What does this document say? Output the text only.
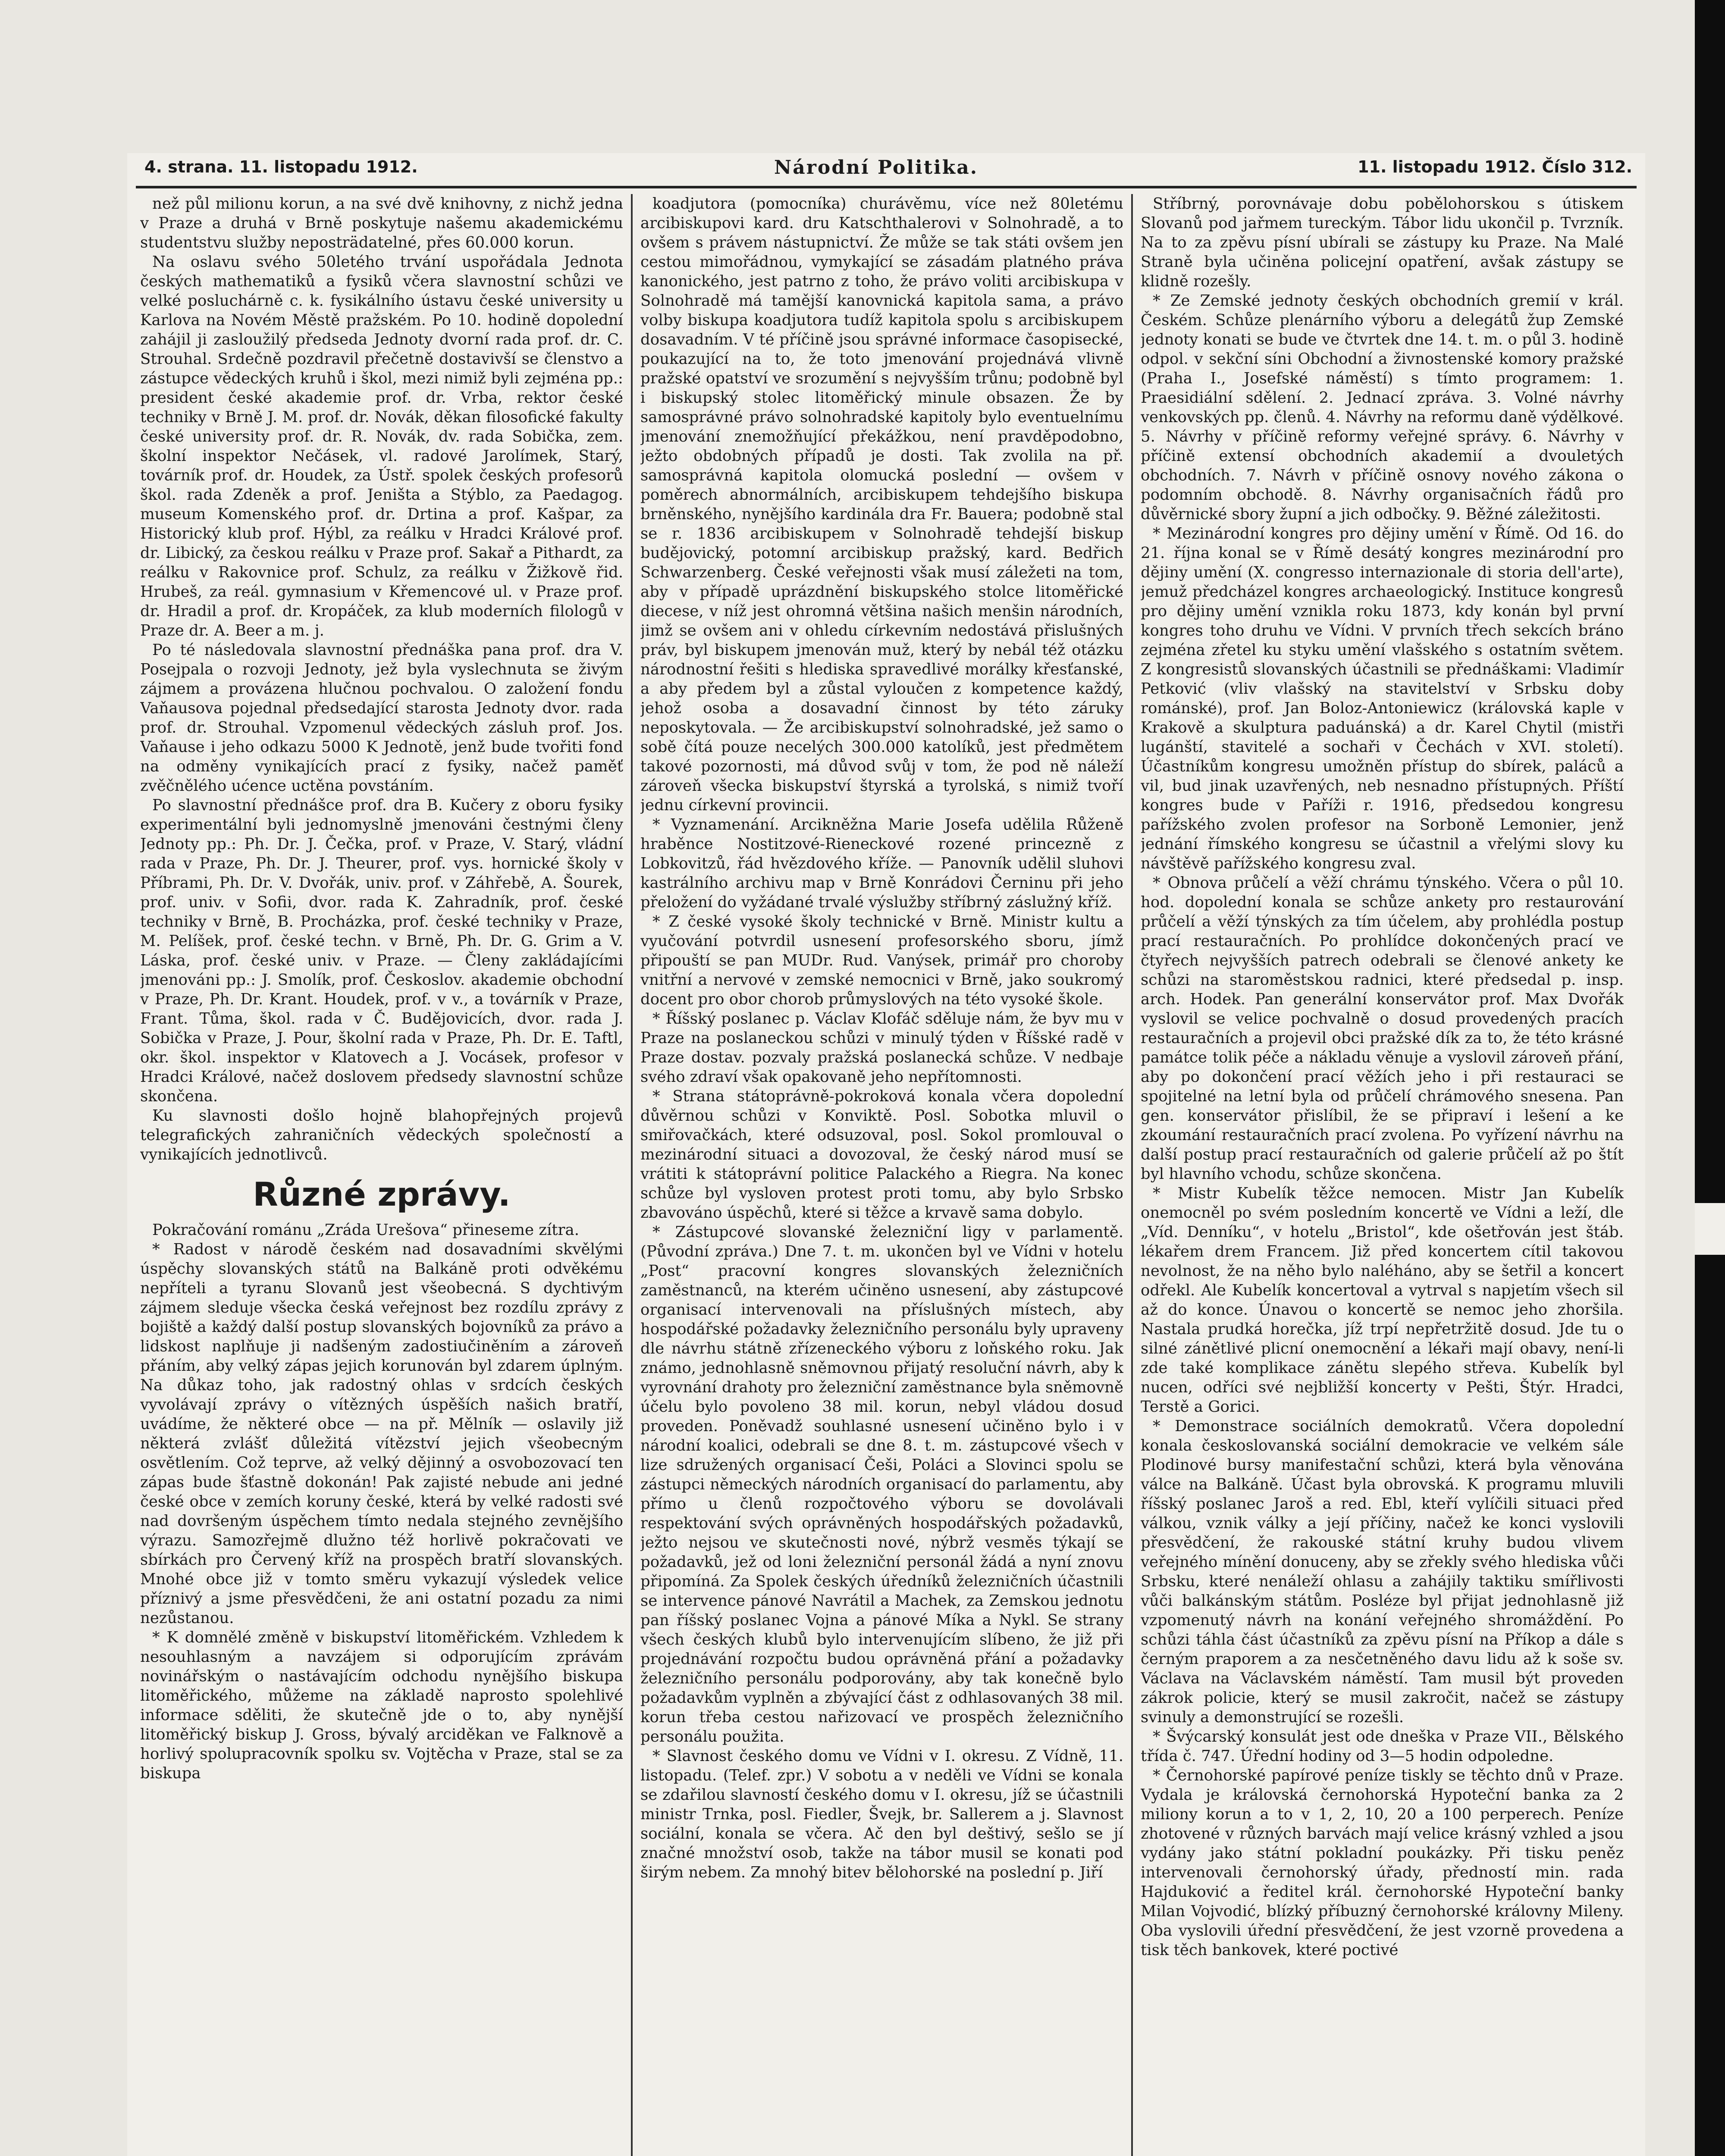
4. strana. 11. listopadu 1912.	Národní Politika.	11. listopadu 1912. Číslo 312.

než půl milionu korun, a na své dvě knihovny, z nichž jedna v Praze a druhá v Brně poskytuje našemu akademickému studentstvu služby neposträdatelné, přes 60.000 korun.

Na oslavu svého 50letého trvání uspořádala Jednota českých mathematiků a fysiků včera slavnostní schůzi ve velké posluchárně c. k. fysikálního ústavu české university u Karlova na Novém Městě pražském. Po 10. hodině dopolední zahájil ji zasloužilý předseda Jednoty dvorní rada prof. dr. C. Strouhal. Srdečně pozdravil přečetně dostavivší se členstvo a zástupce vědeckých kruhů i škol, mezi nimiž byli zejména pp.: president české akademie prof. dr. Vrba, rektor české techniky v Brně J. M. prof. dr. Novák, děkan filosofické fakulty české university prof. dr. R. Novák, dv. rada Sobička, zem. školní inspektor Nečásek, vl. radové Jarolímek, Starý, továrník prof. dr. Houdek, za Ústř. spolek českých profesorů škol. rada Zdeněk a prof. Jeništa a Stýblo, za Paedagog. museum Komenského prof. dr. Drtina a prof. Kašpar, za Historický klub prof. Hýbl, za reálku v Hradci Králové prof. dr. Libický, za českou reálku v Praze prof. Sakař a Pithardt, za reálku v Rakovnice prof. Schulz, za reálku v Žižkově řid. Hrubeš, za reál. gymnasium v Křemencové ul. v Praze prof. dr. Hradil a prof. dr. Kropáček, za klub moderních filologů v Praze dr. A. Beer a m. j.

Po té následovala slavnostní přednáška pana prof. dra V. Posejpala o rozvoji Jednoty, jež byla vyslechnuta se živým zájmem a provázena hlučnou pochvalou. O založení fondu Vaňausova pojednal předsedající starosta Jednoty dvor. rada prof. dr. Strouhal. Vzpomenul vědeckých zásluh prof. Jos. Vaňause i jeho odkazu 5000 K Jednotě, jenž bude tvořiti fond na odměny vynikajících prací z fysiky, načež paměť zvěčnělého ućence uctěna povstáním.

Po slavnostní přednášce prof. dra B. Kučery z oboru fysiky experimentální byli jednomyslně jmenováni čestnými členy Jednoty pp.: Ph. Dr. J. Čečka, prof. v Praze, V. Starý, vládní rada v Praze, Ph. Dr. J. Theurer, prof. vys. hornické školy v Příbrami, Ph. Dr. V. Dvořák, univ. prof. v Záhřebě, A. Šourek, prof. univ. v Sofii, dvor. rada K. Zahradník, prof. české techniky v Brně, B. Procházka, prof. české techniky v Praze, M. Pelíšek, prof. české techn. v Brně, Ph. Dr. G. Grim a V. Láska, prof. české univ. v Praze. — Členy zakládajícími jmenováni pp.: J. Smolík, prof. Českoslov. akademie obchodní v Praze, Ph. Dr. Krant. Houdek, prof. v v., a továrník v Praze, Frant. Tůma, škol. rada v Č. Budějovicích, dvor. rada J. Sobička v Praze, J. Pour, školní rada v Praze, Ph. Dr. E. Taftl, okr. škol. inspektor v Klatovech a J. Vocásek, profesor v Hradci Králové, načež doslovem předsedy slavnostní schůze skončena.

Ku slavnosti došlo hojně blahopřejných projevů telegrafických zahraničních vědeckých společností a vynikajících jednotlivců.

Různé zprávy.

Pokračování románu „Zráda Urešova“ přineseme zítra.

* Radost v národě českém nad dosavadními skvělými úspěchy slovanských států na Balkáně proti odvěkému nepříteli a tyranu Slovanů jest všeobecná. S dychtivým zájmem sleduje všecka česká veřejnost bez rozdílu zprávy z bojiště a každý další postup slovanských bojovníků za právo a lidskost naplňuje ji nadšeným zadostiučiněním a zároveň přáním, aby velký zápas jejich korunován byl zdarem úplným. Na důkaz toho, jak radostný ohlas v srdcích českých vyvolávají zprávy o vítězných úspěších našich bratří, uvádíme, že některé obce — na př. Mělník — oslavily již některá zvlášť důležitá vítězství jejich všeobecným osvětlením. Což teprve, až velký dějinný a osvobozovací ten zápas bude šťastně dokonán! Pak zajisté nebude ani jedné české obce v zemích koruny české, která by velké radosti své nad dovršeným úspěchem tímto nedala stejného zevnějšího výrazu. Samozřejmě dlužno též horlivě pokračovati ve sbírkách pro Červený kříž na prospěch bratří slovanských. Mnohé obce již v tomto směru vykazují výsledek velice příznivý a jsme přesvědčeni, že ani ostatní pozadu za nimi nezůstanou.

* K domnělé změně v biskupství litoměřickém. Vzhledem k nesouhlasným a navzájem si odporujícím zprávám novinářským o nastávajícím odchodu nynějšího biskupa litoměřického, můžeme na základě naprosto spolehlivé informace sděliti, že skutečně jde o to, aby nynější litoměřický biskup J. Gross, bývalý arciděkan ve Falknově a horlivý spolupracovník spolku sv. Vojtěcha v Praze, stal se za biskupa

koadjutora (pomocníka) churávěmu, více než 80letému arcibiskupovi kard. dru Katschthalerovi v Solnohradě, a to ovšem s právem nástupnictví. Že může se tak státi ovšem jen cestou mimořádnou, vymykající se zásadám platného práva kanonického, jest patrno z toho, že právo voliti arcibiskupa v Solnohradě má tamější kanovnická kapitola sama, a právo volby biskupa koadjutora tudíž kapitola spolu s arcibiskupem dosavadním. V té příčině jsou správné informace časopisecké, poukazující na to, že toto jmenování projednává vlivně pražské opatství ve srozumění s nejvyšším trůnu; podobně byl i biskupský stolec litoměřický minule obsazen. Že by samosprávné právo solnohradské kapitoly bylo eventuelnímu jmenování znemožňující překážkou, není pravděpodobno, ježto obdobných případů je dosti. Tak zvolila na př. samosprávná kapitola olomucká poslední — ovšem v poměrech abnormálních, arcibiskupem tehdejšího biskupa brněnského, nynějšího kardinála dra Fr. Bauera; podobně stal se r. 1836 arcibiskupem v Solnohradě tehdejší biskup budějovický, potomní arcibiskup pražský, kard. Bedřich Schwarzenberg. České veřejnosti však musí záležeti na tom, aby v případě uprázdnění biskupského stolce litoměřické diecese, v níž jest ohromná většina našich menšin národních, jimž se ovšem ani v ohledu církevním nedostává přislušných práv, byl biskupem jmenován muž, který by nebál též otázku národnostní řešiti s hlediska spravedlivé morálky křesťanské, a aby předem byl a zůstal vyloučen z kompetence každý, jehož osoba a dosavadní činnost by této záruky neposkytovala. — Že arcibiskupství solnohradské, jež samo o sobě čítá pouze necelých 300.000 katolíků, jest předmětem takové pozornosti, má důvod svůj v tom, že pod ně náleží zároveň všecka biskupství štyrská a tyrolská, s nimiž tvoří jednu církevní provincii.

* Vyznamenání. Arcikněžna Marie Josefa udělila Růženě hraběnce Nostitzové-Rieneckové rozené princezně z Lobkovitzů, řád hvězdového kříže. — Panovník udělil sluhovi kastrálního archivu map v Brně Konrádovi Černinu při jeho přeložení do vyžádané trvalé výslužby stříbrný záslužný kříž.

* Z české vysoké školy technické v Brně. Ministr kultu a vyučování potvrdil usnesení profesorského sboru, jímž připouští se pan MUDr. Rud. Vanýsek, primář pro choroby vnitřní a nervové v zemské nemocnici v Brně, jako soukromý docent pro obor chorob průmyslových na této vysoké škole.

* Říšský poslanec p. Václav Klofáč sděluje nám, že byv mu v Praze na poslaneckou schůzi v minulý týden v Říšské radě v Praze dostav. pozvaly pražská poslanecká schůze. V nedbaje svého zdraví však opakovaně jeho nepřítomnosti.

* Strana státoprávně-pokroková konala včera dopolední důvěrnou schůzi v Konviktě. Posl. Sobotka mluvil o smiřovačkách, které odsuzoval, posl. Sokol promlouval o mezinárodní situaci a dovozoval, že český národ musí se vrátiti k státoprávní politice Palackého a Riegra. Na konec schůze byl vysloven protest proti tomu, aby bylo Srbsko zbavováno úspěchů, které si těžce a krvavě sama dobylo.

* Zástupcové slovanské železniční ligy v parlamentě. (Původní zpráva.) Dne 7. t. m. ukončen byl ve Vídni v hotelu „Post“ pracovní kongres slovanských železničních zaměstnanců, na kterém učiněno usnesení, aby zástupcové organisací intervenovali na příslušných místech, aby hospodářské požadavky železničního personálu byly upraveny dle návrhu státně zřízeneckého výboru z loňského roku. Jak známo, jednohlasně sněmovnou přijatý resoluční návrh, aby k vyrovnání drahoty pro železniční zaměstnance byla sněmovně účelu bylo povoleno 38 mil. korun, nebyl vládou dosud proveden. Poněvadž souhlasné usnesení učiněno bylo i v národní koalici, odebrali se dne 8. t. m. zástupcové všech v lize sdružených organisací Češi, Poláci a Slovinci spolu se zástupci německých národních organisací do parlamentu, aby přímo u členů rozpočtového výboru se dovolávali respektování svých oprávněných hospodářských požadavků, ježto nejsou ve skutečnosti nové, nýbrž vesměs týkají se požadavků, jež od loni železniční personál žádá a nyní znovu připomíná. Za Spolek českých úředníků železničních účastnili se intervence pánové Navrátil a Machek, za Zemskou jednotu pan říšský poslanec Vojna a pánové Míka a Nykl. Se strany všech českých klubů bylo intervenujícím slíbeno, že již při projednávání rozpočtu budou oprávněná přání a požadavky železničního personálu podporovány, aby tak konečně bylo požadavkům vyplněn a zbývající část z odhlasovaných 38 mil. korun třeba cestou nařizovací ve prospěch železničního personálu použita.

* Slavnost českého domu ve Vídni v I. okresu. Z Vídně, 11. listopadu. (Telef. zpr.) V sobotu a v neděli ve Vídni se konala se zdařilou slavností českého domu v I. okresu, jíž se účastnili ministr Trnka, posl. Fiedler, Švejk, br. Sallerem a j. Slavnost sociální, konala se včera. Ač den byl deštivý, sešlo se jí značné množství osob, takže na tábor musil se konati pod širým nebem. Za mnohý bitev bělohorské na poslední p. Jiří

Stříbrný, porovnávaje dobu pobělohorskou s útiskem Slovanů pod jařmem tureckým. Tábor lidu ukončil p. Tvrzník. Na to za zpěvu písní ubírali se zástupy ku Praze. Na Malé Straně byla učiněna policejní opatření, avšak zástupy se klidně rozešly.

* Ze Zemské jednoty českých obchodních gremií v král. Českém. Schůze plenárního výboru a delegátů žup Zemské jednoty konati se bude ve čtvrtek dne 14. t. m. o půl 3. hodině odpol. v sekční síni Obchodní a živnostenské komory pražské (Praha I., Josefské náměstí) s tímto programem: 1. Praesidiální sdělení. 2. Jednací zpráva. 3. Volné návrhy venkovských pp. členů. 4. Návrhy na reformu daně výdělkové. 5. Návrhy v příčině reformy veřejné správy. 6. Návrhy v příčině extensí obchodních akademií a dvouletých obchodních. 7. Návrh v příčině osnovy nového zákona o podomním obchodě. 8. Návrhy organisačních řádů pro důvěrnické sbory župní a jich odbočky. 9. Běžné záležitosti.

* Mezinárodní kongres pro dějiny umění v Římě. Od 16. do 21. října konal se v Římě desátý kongres mezinárodní pro dějiny umění (X. congresso internazionale di storia dell'arte), jemuž předcházel kongres archaeologický. Instituce kongresů pro dějiny umění vznikla roku 1873, kdy konán byl první kongres toho druhu ve Vídni. V prvních třech sekcích bráno zejména zřetel ku styku umění vlašského s ostatním světem. Z kongresistů slovanských účastnili se přednáškami: Vladimír Petković (vliv vlašský na stavitelství v Srbsku doby románské), prof. Jan Boloz-Antoniewicz (královská kaple v Krakově a skulptura paduánská) a dr. Karel Chytil (mistři lugánští, stavitelé a sochaři v Čechách v XVI. století). Účastníkům kongresu umožněn přístup do sbírek, paláců a vil, bud jinak uzavřených, neb nesnadno přístupných. Příští kongres bude v Paříži r. 1916, předsedou kongresu pařížského zvolen profesor na Sorboně Lemonier, jenž jednání římského kongresu se účastnil a vřelými slovy ku návštěvě pařížského kongresu zval.

* Obnova průčelí a věží chrámu týnského. Včera o půl 10. hod. dopolední konala se schůze ankety pro restaurování průčelí a věží týnských za tím účelem, aby prohlédla postup prací restauračních. Po prohlídce dokončených prací ve čtyřech nejvyšších patrech odebrali se členové ankety ke schůzi na staroměstskou radnici, které předsedal p. insp. arch. Hodek. Pan generální konservátor prof. Max Dvořák vyslovil se velice pochvalně o dosud provedených pracích restauračních a projevil obci pražské dík za to, že této krásné památce tolik péče a nákladu věnuje a vyslovil zároveň přání, aby po dokončení prací věžích jeho i při restauraci se spojitelné na letní byla od průčelí chrámového snesena. Pan gen. konservátor přislíbil, že se připraví i lešení a ke zkoumání restauračních prací zvolena. Po vyřízení návrhu na další postup prací restauračních od galerie průčelí až po štít byl hlavního vchodu, schůze skončena.

* Mistr Kubelík těžce nemocen. Mistr Jan Kubelík onemocněl po svém posledním koncertě ve Vídni a leží, dle „Víd. Denníku“, v hotelu „Bristol“, kde ošetřován jest štáb. lékařem drem Francem. Již před koncertem cítil takovou nevolnost, že na něho bylo naléháno, aby se šetřil a koncert odřekl. Ale Kubelík koncertoval a vytrval s napjetím všech sil až do konce. Únavou o koncertě se nemoc jeho zhoršila. Nastala prudká horečka, jíž trpí nepřetržitě dosud. Jde tu o silné zánětlivé plicní onemocnění a lékaři mají obavy, není-li zde také komplikace zánětu slepého střeva. Kubelík byl nucen, odříci své nejbližší koncerty v Pešti, Štýr. Hradci, Terstě a Gorici.

* Demonstrace sociálních demokratů. Včera dopolední konala českoslovanská sociální demokracie ve velkém sále Plodinové bursy manifestační schůzi, která byla věnována válce na Balkáně. Účast byla obrovská. K programu mluvili říšský poslanec Jaroš a red. Ebl, kteří vylíčili situaci před válkou, vznik války a její příčiny, načež ke konci vyslovili přesvědčení, že rakouské státní kruhy budou vlivem veřejného mínění donuceny, aby se zřekly svého hlediska vůči Srbsku, které nenáleží ohlasu a zahájily taktiku smířlivosti vůči balkánským státům. Posléze byl přijat jednohlasně již vzpomenutý návrh na konání veřejného shromáždění. Po schůzi táhla část účastníků za zpěvu písní na Příkop a dále s černým praporem a za nesčetněného davu lidu až k soše sv. Václava na Václavském náměstí. Tam musil být proveden zákrok policie, který se musil zakročit, načež se zástupy svinuly a demonstrující se rozešli.

* Švýcarský konsulát jest ode dneška v Praze VII., Bělského třída č. 747. Úřední hodiny od 3—5 hodin odpoledne.

* Černohorské papírové peníze tiskly se těchto dnů v Praze. Vydala je královská černohorská Hypoteční banka za 2 miliony korun a to v 1, 2, 10, 20 a 100 perperech. Peníze zhotovené v různých barvách mají velice krásný vzhled a jsou vydány jako státní pokladní poukázky. Při tisku peněz intervenovali černohorský úřady, předností min. rada Hajduković a ředitel král. černohorské Hypoteční banky Milan Vojvodić, blízký příbuzný černohorské královny Mileny. Oba vyslovili úřední přesvědčení, že jest vzorně provedena a tisk těch bankovek, které poctivé
